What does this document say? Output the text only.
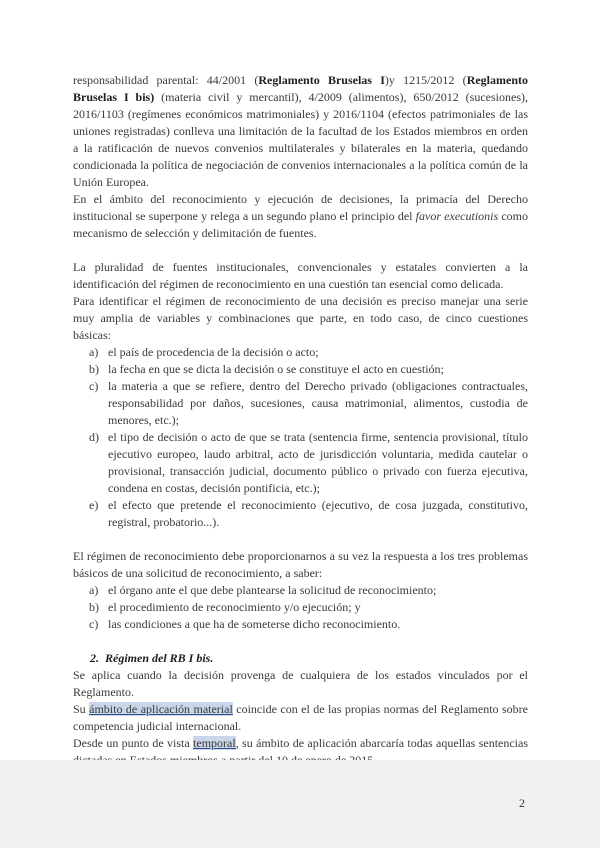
responsabilidad parental: 44/2001 (Reglamento Bruselas I)y 1215/2012 (Reglamento Bruselas I bis) (materia civil y mercantil), 4/2009 (alimentos), 650/2012 (sucesiones), 2016/1103 (regímenes económicos matrimoniales) y 2016/1104 (efectos patrimoniales de las uniones registradas) conlleva una limitación de la facultad de los Estados miembros en orden a la ratificación de nuevos convenios multilaterales y bilaterales en la materia, quedando condicionada la política de negociación de convenios internacionales a la política común de la Unión Europea.

En el ámbito del reconocimiento y ejecución de decisiones, la primacía del Derecho institucional se superpone y relega a un segundo plano el principio del favor executionis como mecanismo de selección y delimitación de fuentes.

La pluralidad de fuentes institucionales, convencionales y estatales convierten a la identificación del régimen de reconocimiento en una cuestión tan esencial como delicada.

Para identificar el régimen de reconocimiento de una decisión es preciso manejar una serie muy amplia de variables y combinaciones que parte, en todo caso, de cinco cuestiones básicas:

a) el país de procedencia de la decisión o acto;
b) la fecha en que se dicta la decisión o se constituye el acto en cuestión;
c) la materia a que se refiere, dentro del Derecho privado (obligaciones contractuales, responsabilidad por daños, sucesiones, causa matrimonial, alimentos, custodia de menores, etc.);
d) el tipo de decisión o acto de que se trata (sentencia firme, sentencia provisional, título ejecutivo europeo, laudo arbitral, acto de jurisdicción voluntaria, medida cautelar o provisional, transacción judicial, documento público o privado con fuerza ejecutiva, condena en costas, decisión pontificia, etc.);
e) el efecto que pretende el reconocimiento (ejecutivo, de cosa juzgada, constitutivo, registral, probatorio...).

El régimen de reconocimiento debe proporcionarnos a su vez la respuesta a los tres problemas básicos de una solicitud de reconocimiento, a saber:

a) el órgano ante el que debe plantearse la solicitud de reconocimiento;
b) el procedimiento de reconocimiento y/o ejecución; y
c) las condiciones a que ha de someterse dicho reconocimiento.
2. Régimen del RB I bis.

Se aplica cuando la decisión provenga de cualquiera de los estados vinculados por el Reglamento.

Su ámbito de aplicación material coincide con el de las propias normas del Reglamento sobre competencia judicial internacional.

Desde un punto de vista temporal, su ámbito de aplicación abarcaría todas aquellas sentencias

2
